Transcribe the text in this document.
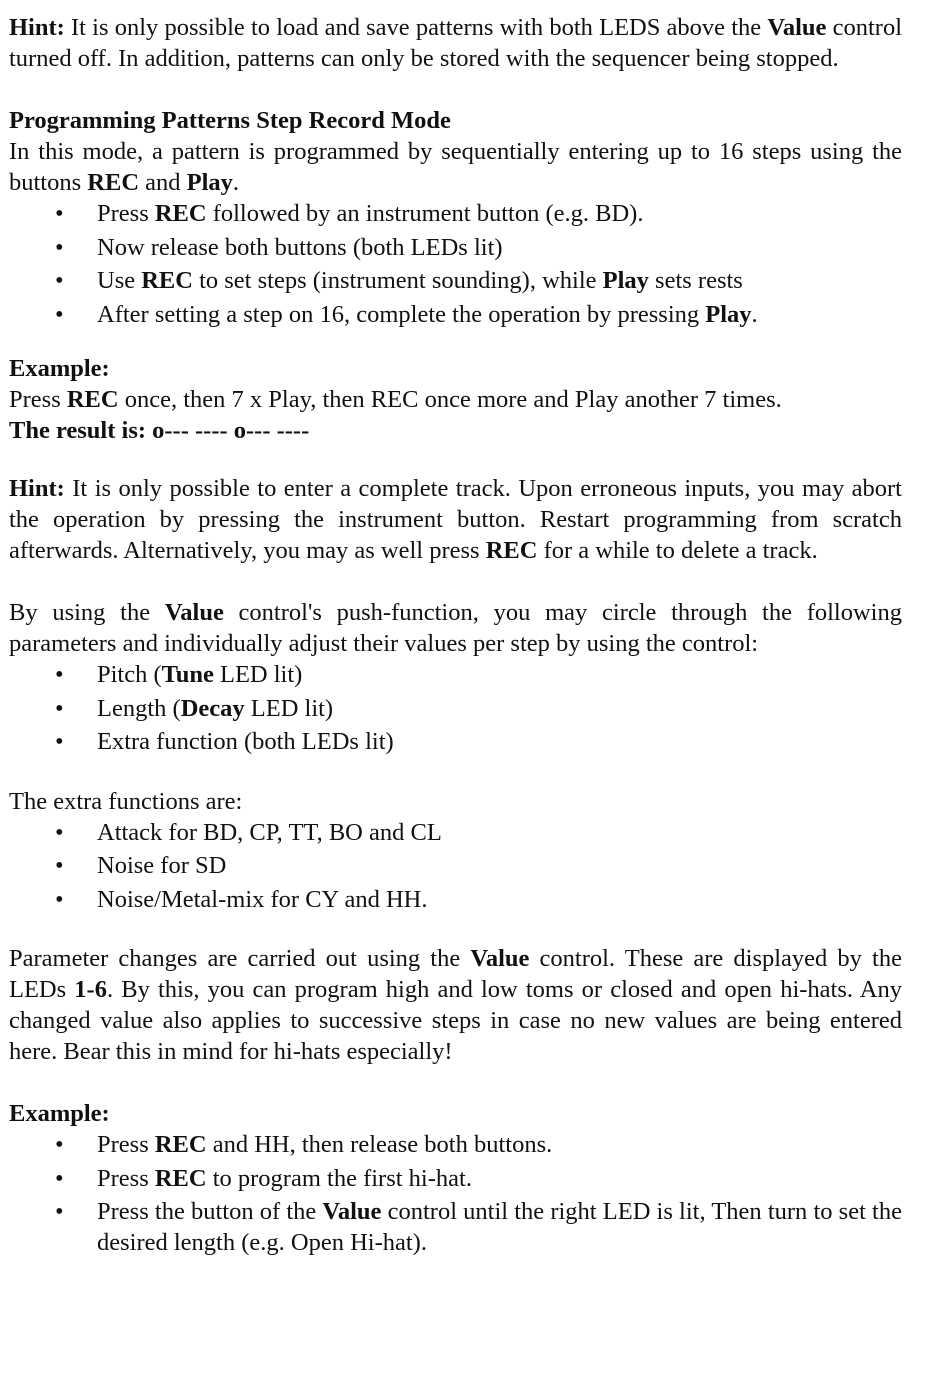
Hint: It is only possible to load and save patterns with both LEDS above the Value control turned off. In addition, patterns can only be stored with the sequencer being stopped.

Programming Patterns Step Record Mode

In this mode, a pattern is programmed by sequentially entering up to 16 steps using the buttons REC and Play.

• Press REC followed by an instrument button (e.g. BD).
• Now release both buttons (both LEDs lit)
• Use REC to set steps (instrument sounding), while Play sets rests
• After setting a step on 16, complete the operation by pressing Play.

Example:

Press REC once, then 7 x Play, then REC once more and Play another 7 times.

The result is: o--- ---- o--- ----

Hint: It is only possible to enter a complete track. Upon erroneous inputs, you may abort the operation by pressing the instrument button. Restart programming from scratch afterwards. Alternatively, you may as well press REC for a while to delete a track.

By using the Value control's push-function, you may circle through the following parameters and individually adjust their values per step by using the control:

• Pitch (Tune LED lit)
• Length (Decay LED lit)
• Extra function (both LEDs lit)

The extra functions are:

• Attack for BD, CP, TT, BO and CL
• Noise for SD
• Noise/Metal-mix for CY and HH.

Parameter changes are carried out using the Value control. These are displayed by the LEDs 1-6. By this, you can program high and low toms or closed and open hi-hats. Any changed value also applies to successive steps in case no new values are being entered here. Bear this in mind for hi-hats especially!

Example:

• Press REC and HH, then release both buttons.
• Press REC to program the first hi-hat.
• Press the button of the Value control until the right LED is lit, Then turn to set the desired length (e.g. Open Hi-hat).
